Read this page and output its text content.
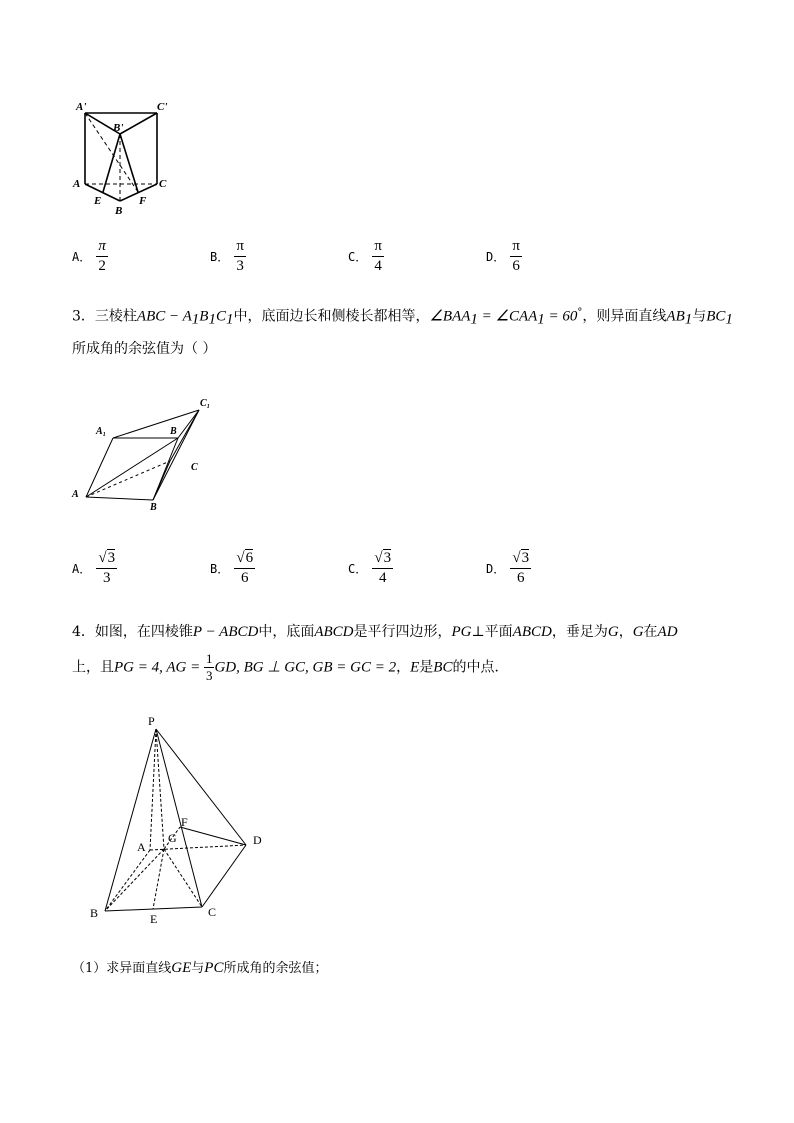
A'	C'
B'
A	C
E
B
F
A． $\frac{\pi}{2}$	B． $\frac{\pi}{3}$	C． $\frac{\pi}{4}$	D． $\frac{\pi}{6}$
3．三棱柱ABC − $A_1B_1C_1$中，底面边长和侧棱长都相等，$\angle BAA_1$ = $\angle CAA_1 = 60^\circ$，则异面直线$AB_1$与$BC_1$
所成角的余弦值为（ ）
C₁
A₁	B
C
A
B
A． $\frac{√3}{3}$	B． $\frac{√6}{6}$	C． $\frac{√3}{4}$	D． $\frac{√3}{6}$
4．如图，在四棱锥P − ABCD中，底面ABCD是平行四边形，PG⊥平面ABCD，垂足为G，G在AD
上，且PG = 4, AG = $\frac{1}{3}$ GD, BG ⊥ GC, GB = GC = 2，E是BC的中点．
P
F
G
A	D
B	E	C
（1）求异面直线GE与PC所成角的余弦值；
